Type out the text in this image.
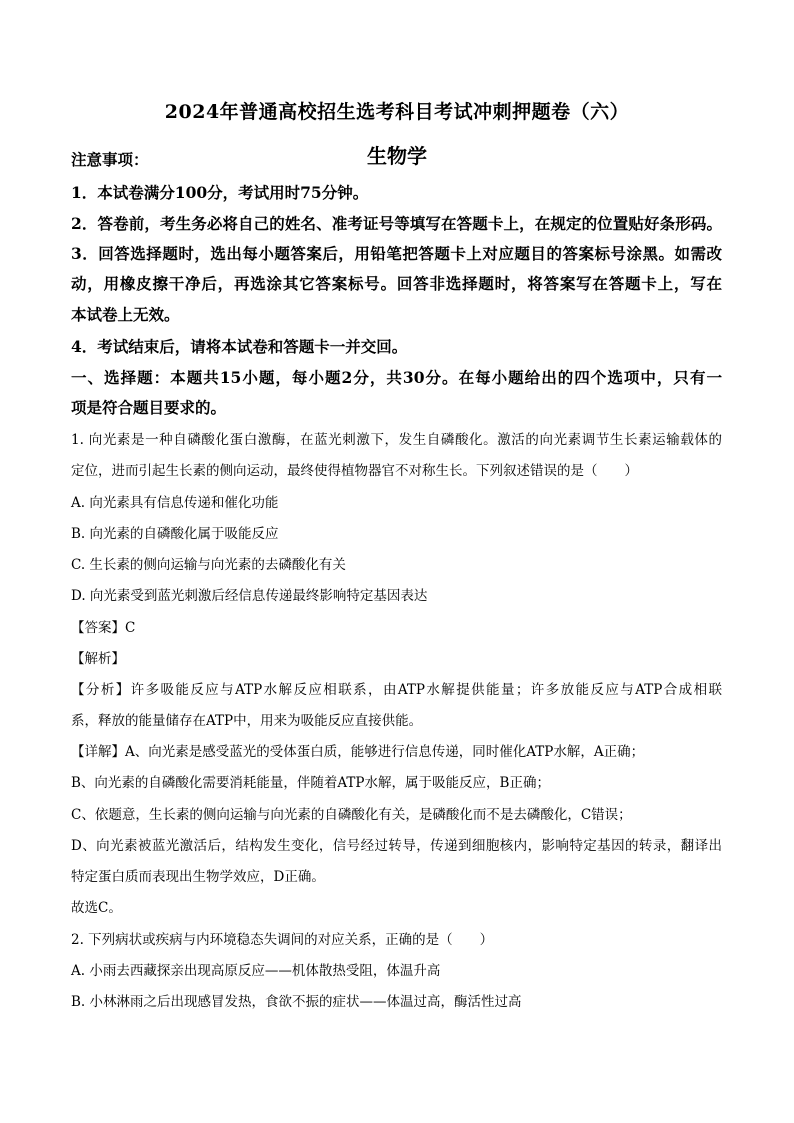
2024年普通高校招生选考科目考试冲刺押题卷（六）
生物学
注意事项：
1．本试卷满分100分，考试用时75分钟。
2．答卷前，考生务必将自己的姓名、准考证号等填写在答题卡上，在规定的位置贴好条形码。
3．回答选择题时，选出每小题答案后，用铅笔把答题卡上对应题目的答案标号涂黑。如需改
动，用橡皮擦干净后，再选涂其它答案标号。回答非选择题时，将答案写在答题卡上，写在
本试卷上无效。
4．考试结束后，请将本试卷和答题卡一并交回。
一、选择题：本题共15小题，每小题2分，共30分。在每小题给出的四个选项中，只有一
项是符合题目要求的。
1. 向光素是一种自磷酸化蛋白激酶，在蓝光刺激下，发生自磷酸化。激活的向光素调节生长素运输载体的
定位，进而引起生长素的侧向运动，最终使得植物器官不对称生长。下列叙述错误的是（　　）
A. 向光素具有信息传递和催化功能
B. 向光素的自磷酸化属于吸能反应
C. 生长素的侧向运输与向光素的去磷酸化有关
D. 向光素受到蓝光刺激后经信息传递最终影响特定基因表达
【答案】C
【解析】
【分析】许多吸能反应与ATP水解反应相联系，由ATP水解提供能量；许多放能反应与ATP合成相联
系，释放的能量储存在ATP中，用来为吸能反应直接供能。
【详解】A、向光素是感受蓝光的受体蛋白质，能够进行信息传递，同时催化ATP水解，A正确；
B、向光素的自磷酸化需要消耗能量，伴随着ATP水解，属于吸能反应，B正确；
C、依题意，生长素的侧向运输与向光素的自磷酸化有关，是磷酸化而不是去磷酸化，C错误；
D、向光素被蓝光激活后，结构发生变化，信号经过转导，传递到细胞核内，影响特定基因的转录，翻译出
特定蛋白质而表现出生物学效应，D正确。
故选C。
2. 下列病状或疾病与内环境稳态失调间的对应关系，正确的是（　　）
A. 小雨去西藏探亲出现高原反应——机体散热受阻，体温升高
B. 小林淋雨之后出现感冒发热，食欲不振的症状——体温过高，酶活性过高
